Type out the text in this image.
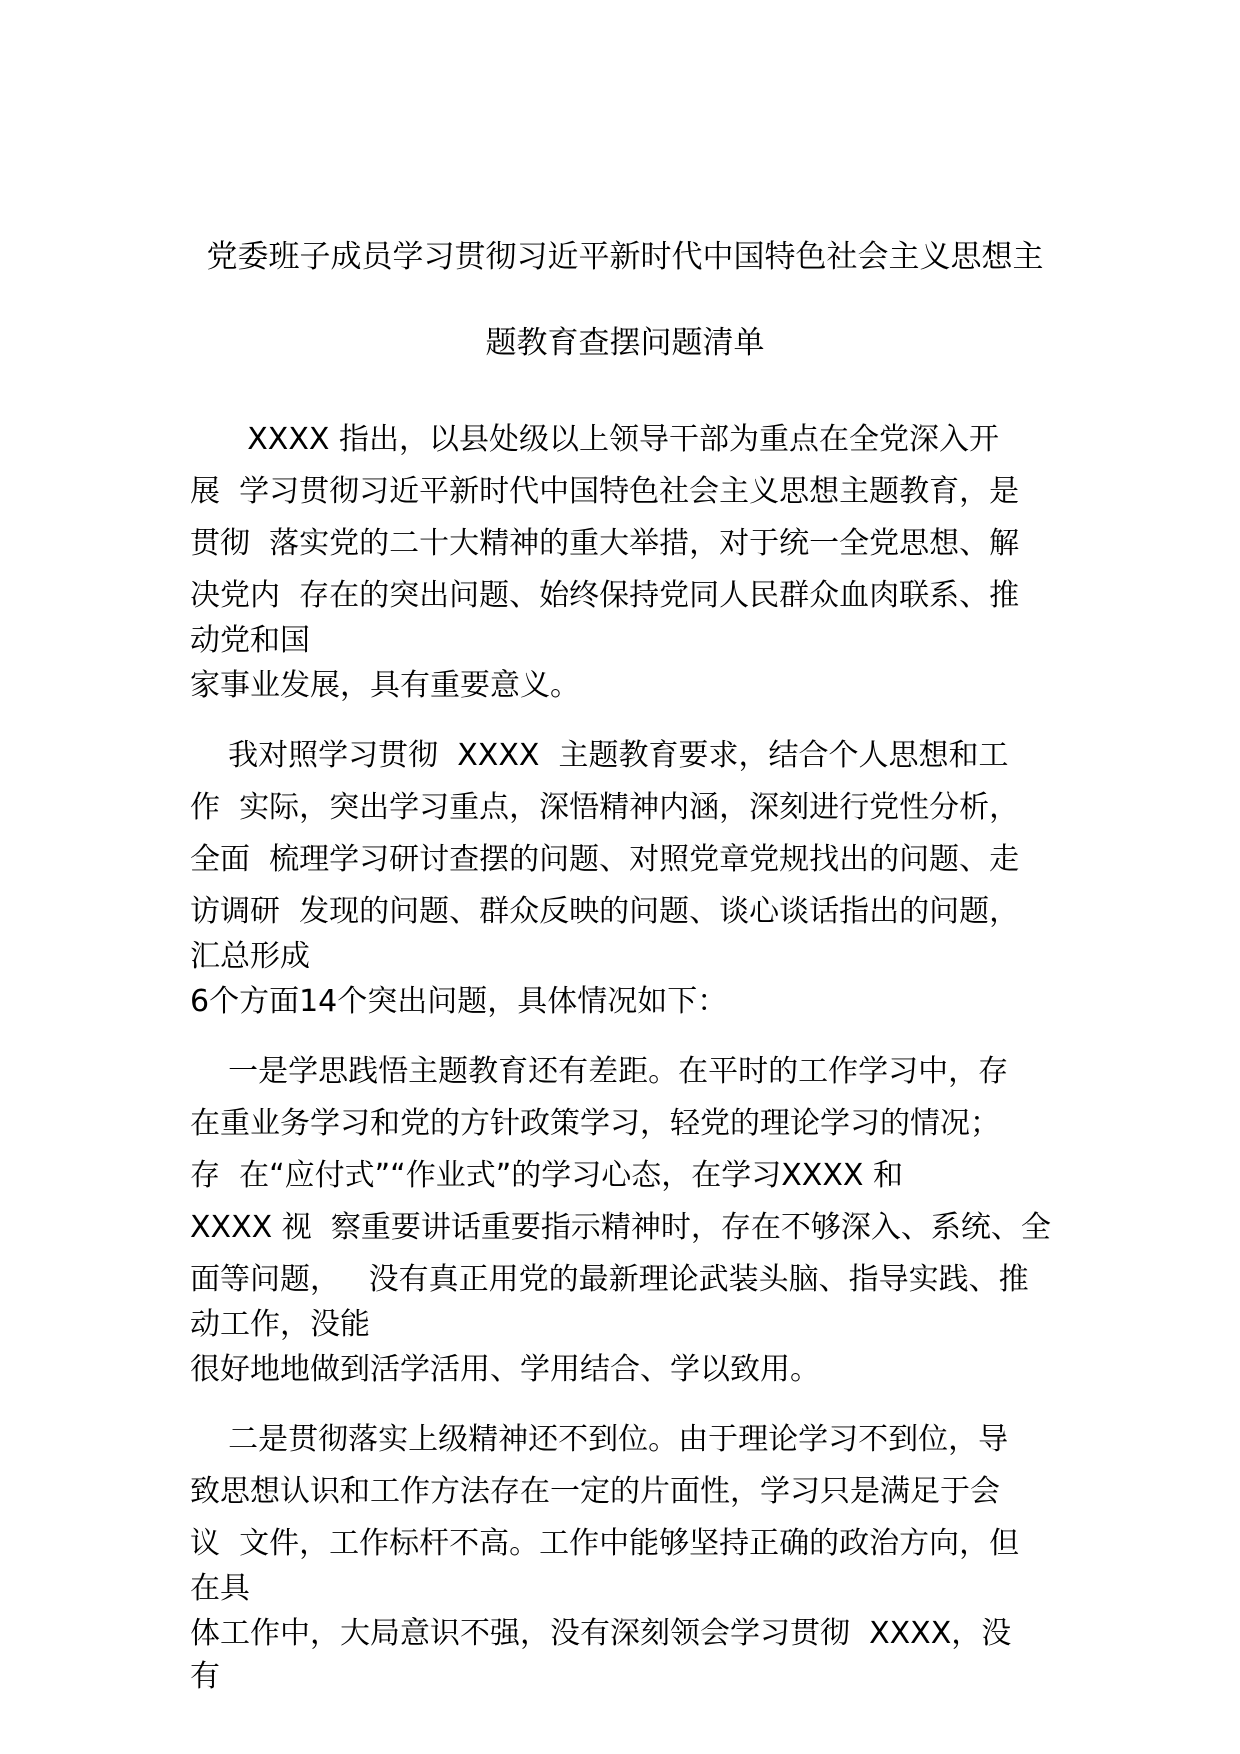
党委班子成员学习贯彻习近平新时代中国特色社会主义思想主
题教育查摆问题清单
XXXX 指出，以县处级以上领导干部为重点在全党深入开
展  学习贯彻习近平新时代中国特色社会主义思想主题教育，是
贯彻  落实党的二十大精神的重大举措，对于统一全党思想、解
决党内  存在的突出问题、始终保持党同人民群众血肉联系、推
动党和国
家事业发展，具有重要意义。
我对照学习贯彻  XXXX  主题教育要求，结合个人思想和工
作  实际，突出学习重点，深悟精神内涵，深刻进行党性分析，
全面  梳理学习研讨查摆的问题、对照党章党规找出的问题、走
访调研  发现的问题、群众反映的问题、谈心谈话指出的问题，
汇总形成
6个方面14个突出问题，具体情况如下：
一是学思践悟主题教育还有差距。在平时的工作学习中，存
在重业务学习和党的方针政策学习，轻党的理论学习的情况；
存  在“应付式”“作业式”的学习心态，在学习XXXX 和
XXXX 视  察重要讲话重要指示精神时，存在不够深入、系统、全
面等问题，   没有真正用党的最新理论武装头脑、指导实践、推
动工作，没能
很好地地做到活学活用、学用结合、学以致用。
二是贯彻落实上级精神还不到位。由于理论学习不到位，导
致思想认识和工作方法存在一定的片面性，学习只是满足于会
议  文件，工作标杆不高。工作中能够坚持正确的政治方向，但
在具
体工作中，大局意识不强，没有深刻领会学习贯彻  XXXX，没
有
